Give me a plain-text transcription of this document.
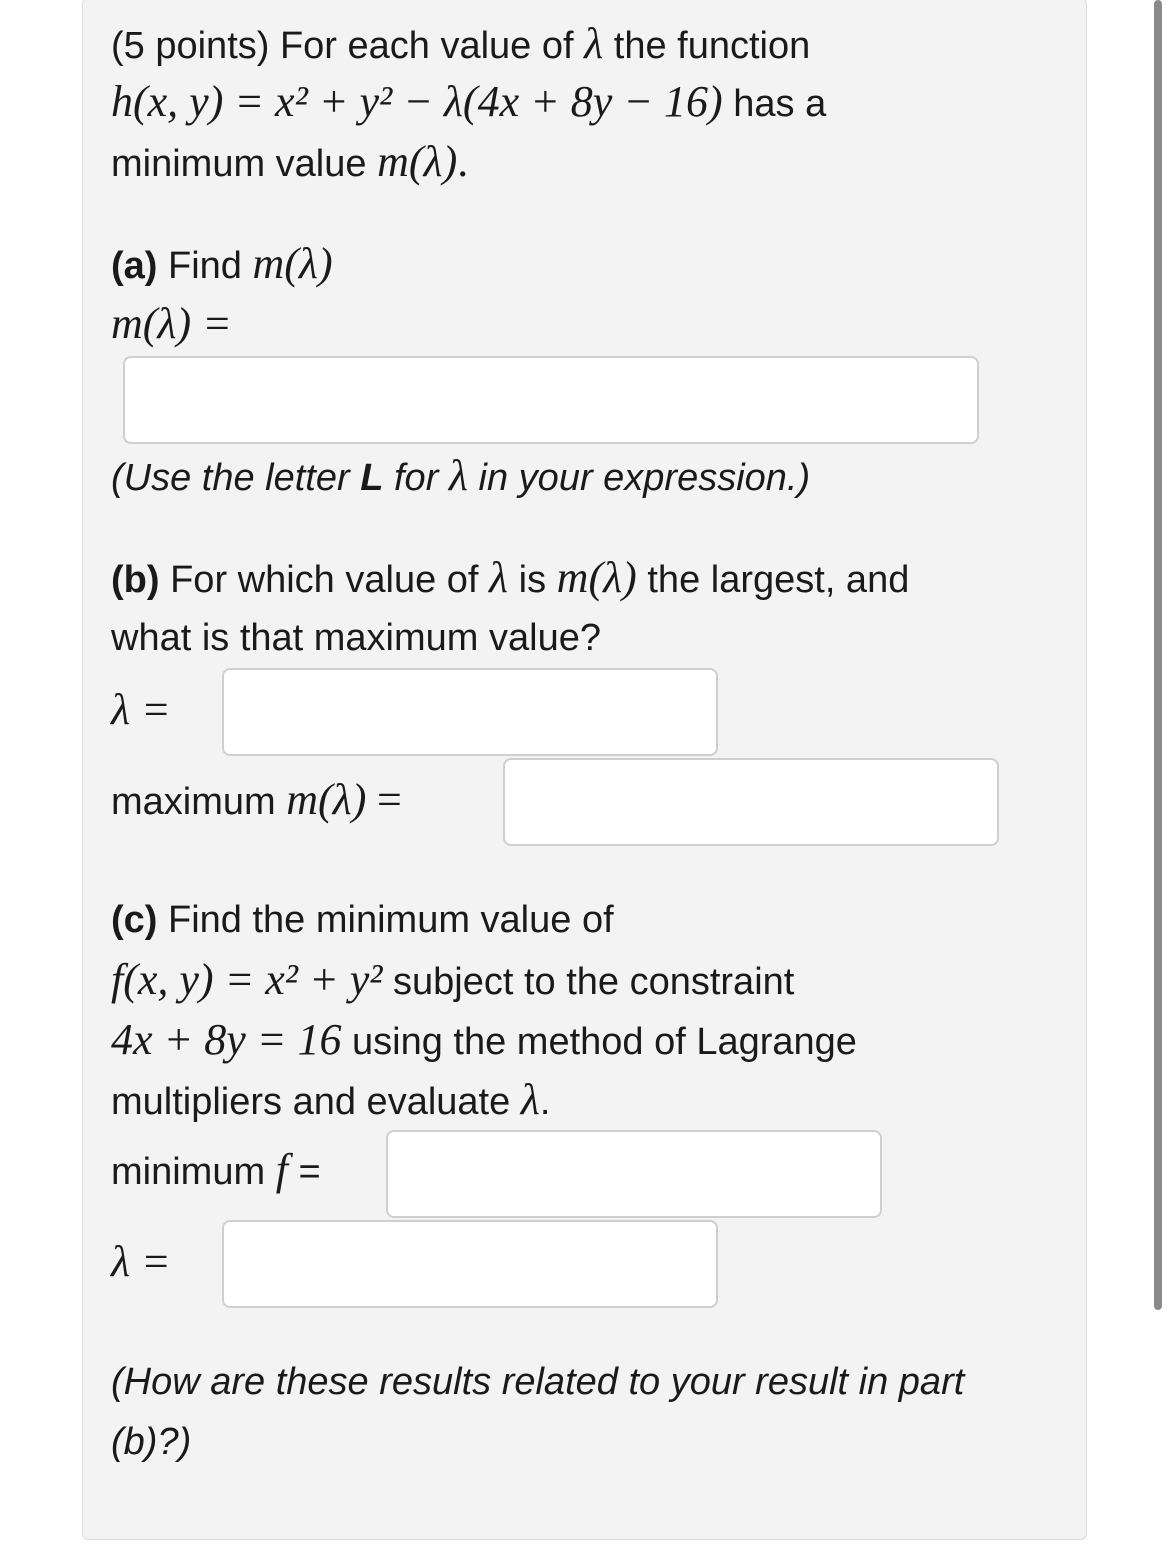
(5 points) For each value of λ the function
h(x, y) = x² + y² − λ(4x + 8y − 16) has a
minimum value m(λ).
(a) Find m(λ)
m(λ) =
(Use the letter L for λ in your expression.)
(b) For which value of λ is m(λ) the largest, and
what is that maximum value?
λ =
maximum m(λ) =
(c) Find the minimum value of
f(x, y) = x² + y² subject to the constraint
4x + 8y = 16 using the method of Lagrange
multipliers and evaluate λ.
minimum f =
λ =
(How are these results related to your result in part
(b)?)
